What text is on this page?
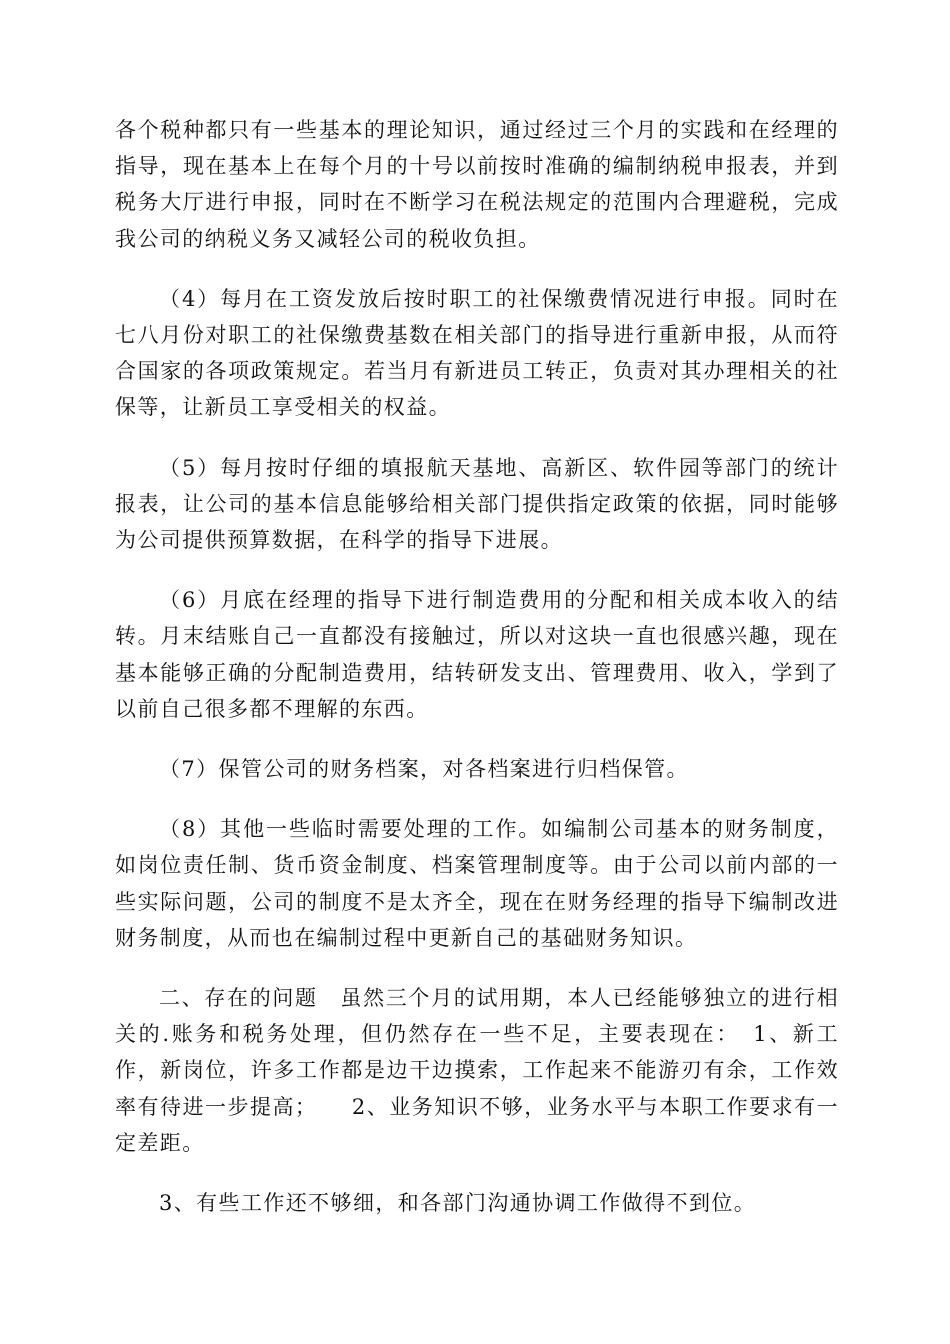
各个税种都只有一些基本的理论知识，通过经过三个月的实践和在经理的指导，现在基本上在每个月的十号以前按时准确的编制纳税申报表，并到税务大厅进行申报，同时在不断学习在税法规定的范围内合理避税，完成我公司的纳税义务又减轻公司的税收负担。

（4）每月在工资发放后按时职工的社保缴费情况进行申报。同时在七八月份对职工的社保缴费基数在相关部门的指导进行重新申报，从而符合国家的各项政策规定。若当月有新进员工转正，负责对其办理相关的社保等，让新员工享受相关的权益。

（5）每月按时仔细的填报航天基地、高新区、软件园等部门的统计报表，让公司的基本信息能够给相关部门提供指定政策的依据，同时能够为公司提供预算数据，在科学的指导下进展。

（6）月底在经理的指导下进行制造费用的分配和相关成本收入的结转。月末结账自己一直都没有接触过，所以对这块一直也很感兴趣，现在基本能够正确的分配制造费用，结转研发支出、管理费用、收入，学到了以前自己很多都不理解的东西。

（7）保管公司的财务档案，对各档案进行归档保管。

（8）其他一些临时需要处理的工作。如编制公司基本的财务制度，如岗位责任制、货币资金制度、档案管理制度等。由于公司以前内部的一些实际问题，公司的制度不是太齐全，现在在财务经理的指导下编制改进财务制度，从而也在编制过程中更新自己的基础财务知识。

二、存在的问题　虽然三个月的试用期，本人已经能够独立的进行相关的.账务和税务处理，但仍然存在一些不足，主要表现在：　1、新工作，新岗位，许多工作都是边干边摸索，工作起来不能游刃有余，工作效率有待进一步提高；　　2、业务知识不够，业务水平与本职工作要求有一定差距。

3、有些工作还不够细，和各部门沟通协调工作做得不到位。
